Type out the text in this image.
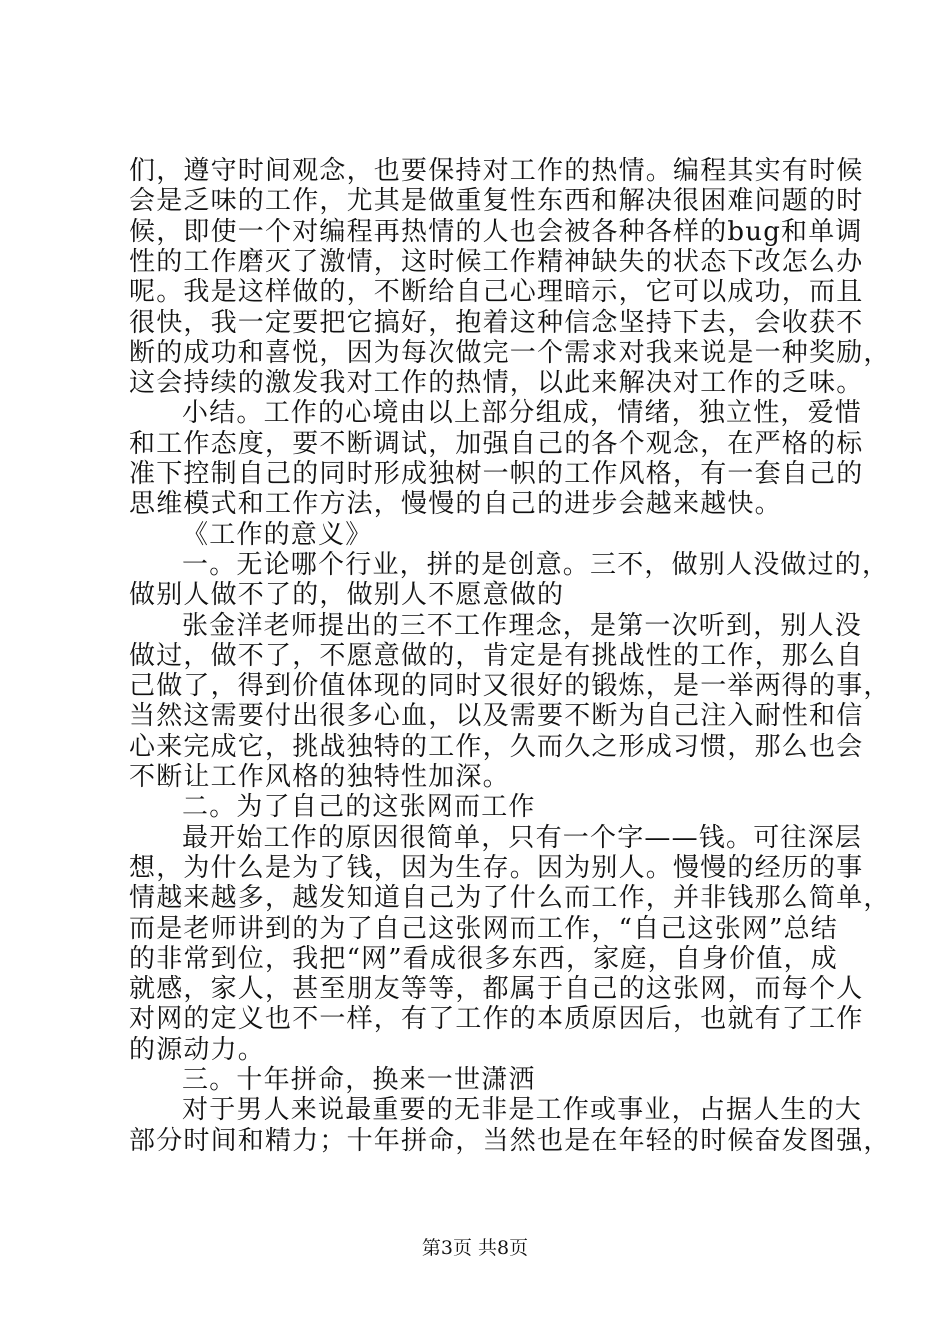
们，遵守时间观念，也要保持对工作的热情。编程其实有时候
会是乏味的工作，尤其是做重复性东西和解决很困难问题的时
候，即使一个对编程再热情的人也会被各种各样的bug和单调
性的工作磨灭了激情，这时候工作精神缺失的状态下改怎么办
呢。我是这样做的，不断给自己心理暗示，它可以成功，而且
很快，我一定要把它搞好，抱着这种信念坚持下去，会收获不
断的成功和喜悦，因为每次做完一个需求对我来说是一种奖励，
这会持续的激发我对工作的热情，以此来解决对工作的乏味。
小结。工作的心境由以上部分组成，情绪，独立性，爱惜
和工作态度，要不断调试，加强自己的各个观念，在严格的标
准下控制自己的同时形成独树一帜的工作风格，有一套自己的
思维模式和工作方法，慢慢的自己的进步会越来越快。
《工作的意义》
一。无论哪个行业，拼的是创意。三不，做别人没做过的，
做别人做不了的，做别人不愿意做的
张金洋老师提出的三不工作理念，是第一次听到，别人没
做过，做不了，不愿意做的，肯定是有挑战性的工作，那么自
己做了，得到价值体现的同时又很好的锻炼，是一举两得的事，
当然这需要付出很多心血，以及需要不断为自己注入耐性和信
心来完成它，挑战独特的工作，久而久之形成习惯，那么也会
不断让工作风格的独特性加深。
二。为了自己的这张网而工作
最开始工作的原因很简单，只有一个字——钱。可往深层
想，为什么是为了钱，因为生存。因为别人。慢慢的经历的事
情越来越多，越发知道自己为了什么而工作，并非钱那么简单，
而是老师讲到的为了自己这张网而工作，“自己这张网”总结
的非常到位，我把“网”看成很多东西，家庭，自身价值，成
就感，家人，甚至朋友等等，都属于自己的这张网，而每个人
对网的定义也不一样，有了工作的本质原因后，也就有了工作
的源动力。
三。十年拼命，换来一世潇洒
对于男人来说最重要的无非是工作或事业，占据人生的大
部分时间和精力；十年拼命，当然也是在年轻的时候奋发图强，
第3页 共8页
